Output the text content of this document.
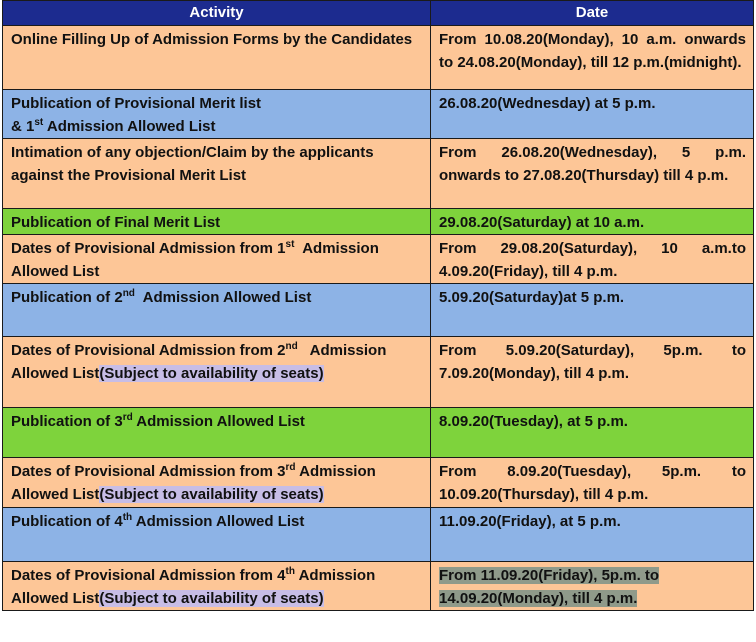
Activity	Date
Online Filling Up of Admission Forms by the Candidates	From 10.08.20(Monday), 10 a.m. onwards to 24.08.20(Monday), till 12 p.m.(midnight).
Publication of Provisional Merit list
& 1st Admission Allowed List	26.08.20(Wednesday) at 5 p.m.
Intimation of any objection/Claim by the applicants against the Provisional Merit List	From 26.08.20(Wednesday), 5 p.m. onwards to 27.08.20(Thursday) till 4 p.m.
Publication of Final Merit List	29.08.20(Saturday) at 10 a.m.
Dates of Provisional Admission from 1st  Admission Allowed List	From 29.08.20(Saturday), 10 a.m.to 4.09.20(Friday), till 4 p.m.
Publication of 2nd  Admission Allowed List	5.09.20(Saturday)at 5 p.m.
Dates of Provisional Admission from 2nd   Admission Allowed List(Subject to availability of seats)	From 5.09.20(Saturday), 5p.m. to 7.09.20(Monday), till 4 p.m.
Publication of 3rd Admission Allowed List	8.09.20(Tuesday), at 5 p.m.
Dates of Provisional Admission from 3rd Admission Allowed List(Subject to availability of seats)	From 8.09.20(Tuesday), 5p.m. to 10.09.20(Thursday), till 4 p.m.
Publication of 4th Admission Allowed List	11.09.20(Friday), at 5 p.m.
Dates of Provisional Admission from 4th Admission Allowed List(Subject to availability of seats)	From 11.09.20(Friday), 5p.m. to
14.09.20(Monday), till 4 p.m.
